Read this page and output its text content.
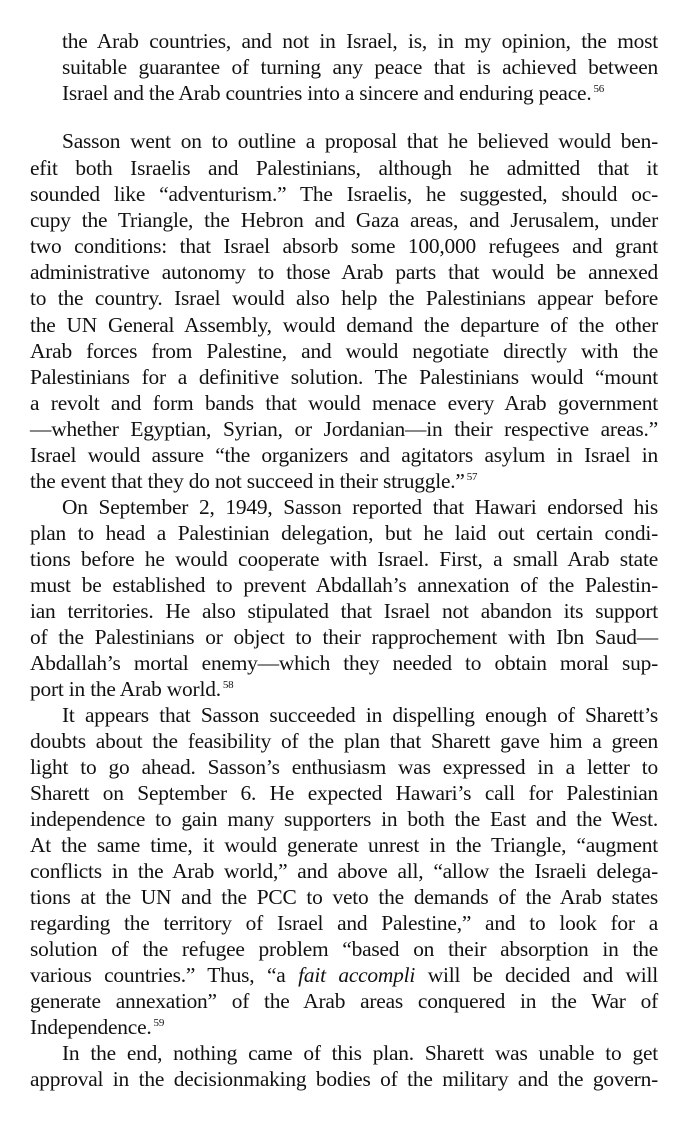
the Arab countries, and not in Israel, is, in my opinion, the most
suitable guarantee of turning any peace that is achieved between
Israel and the Arab countries into a sincere and enduring peace. $^{56}$
Sasson went on to outline a proposal that he believed would ben-
efit both Israelis and Palestinians, although he admitted that it
sounded like “adventurism.” The Israelis, he suggested, should oc-
cupy the Triangle, the Hebron and Gaza areas, and Jerusalem, under
two conditions: that Israel absorb some 100,000 refugees and grant
administrative autonomy to those Arab parts that would be annexed
to the country. Israel would also help the Palestinians appear before
the UN General Assembly, would demand the departure of the other
Arab forces from Palestine, and would negotiate directly with the
Palestinians for a definitive solution. The Palestinians would “mount
a revolt and form bands that would menace every Arab government
—whether Egyptian, Syrian, or Jordanian—in their respective areas.”
Israel would assure “the organizers and agitators asylum in Israel in
the event that they do not succeed in their struggle.” $^{57}$
On September 2, 1949, Sasson reported that Hawari endorsed his
plan to head a Palestinian delegation, but he laid out certain condi-
tions before he would cooperate with Israel. First, a small Arab state
must be established to prevent Abdallah’s annexation of the Palestin-
ian territories. He also stipulated that Israel not abandon its support
of the Palestinians or object to their rapprochement with Ibn Saud—
Abdallah’s mortal enemy—which they needed to obtain moral sup-
port in the Arab world. $^{58}$
It appears that Sasson succeeded in dispelling enough of Sharett’s
doubts about the feasibility of the plan that Sharett gave him a green
light to go ahead. Sasson’s enthusiasm was expressed in a letter to
Sharett on September 6. He expected Hawari’s call for Palestinian
independence to gain many supporters in both the East and the West.
At the same time, it would generate unrest in the Triangle, “augment
conflicts in the Arab world,” and above all, “allow the Israeli delega-
tions at the UN and the PCC to veto the demands of the Arab states
regarding the territory of Israel and Palestine,” and to look for a
solution of the refugee problem “based on their absorption in the
various countries.” Thus, “a fait accompli will be decided and will
generate annexation” of the Arab areas conquered in the War of
Independence. $^{59}$
In the end, nothing came of this plan. Sharett was unable to get
approval in the decisionmaking bodies of the military and the govern-
